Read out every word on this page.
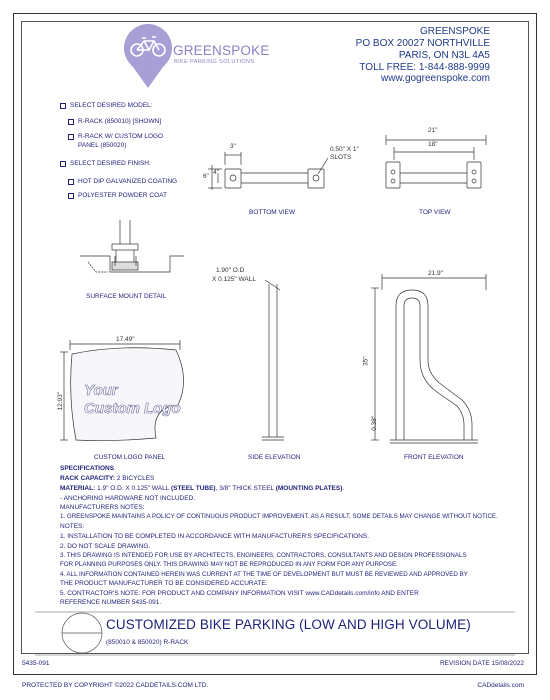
GREENSPOKE
BIKE PARKING SOLUTIONS
GREENSPOKE
PO BOX 20027 NORTHVILLE
PARIS, ON N3L 4A5
TOLL FREE: 1-844-888-9999
www.gogreenspoke.com
SELECT DESIRED MODEL:
R-RACK (850010) [SHOWN]
R-RACK W/ CUSTOM LOGO
PANEL (850020)
SELECT DESIRED FINISH:
HOT DIP GALVANIZED COATING
POLYESTER POWDER COAT
3"
6"
4"
0.50" X 1"
SLOTS
BOTTOM VIEW
21"
18"
TOP VIEW
SURFACE MOUNT DETAIL
1.90" O.D
X 0.125" WALL
SIDE ELEVATION
21.9"
35"
0.38"
FRONT ELEVATION
17.49"
12.93"
Your
Custom Logo
CUSTOM LOGO PANEL
SPECIFICATIONS
RACK CAPACITY: 2 BICYCLES
MATERIAL: 1.9" O.D. X 0.125" WALL (STEEL TUBE), 3/8" THICK STEEL (MOUNTING PLATES).
- ANCHORING HARDWARE NOT INCLUDED.
MANUFACTURERS NOTES:
1. GREENSPOKE MAINTAINS A POLICY OF CONTINUOUS PRODUCT IMPROVEMENT. AS A RESULT, SOME DETAILS MAY CHANGE WITHOUT NOTICE.
NOTES:
1. INSTALLATION TO BE COMPLETED IN ACCORDANCE WITH MANUFACTURER'S SPECIFICATIONS.
2. DO NOT SCALE DRAWING.
3. THIS DRAWING IS INTENDED FOR USE BY ARCHITECTS, ENGINEERS, CONTRACTORS, CONSULTANTS AND DESIGN PROFESSIONALS
FOR PLANNING PURPOSES ONLY. THIS DRAWING MAY NOT BE REPRODUCED IN ANY FORM FOR ANY PURPOSE.
4. ALL INFORMATION CONTAINED HEREIN WAS CURRENT AT THE TIME OF DEVELOPMENT BUT MUST BE REVIEWED AND APPROVED BY
THE PRODUCT MANUFACTURER TO BE CONSIDERED ACCURATE.
5. CONTRACTOR'S NOTE: FOR PRODUCT AND COMPANY INFORMATION VISIT www.CADdetails.com/info AND ENTER
REFERENCE NUMBER 5435-091.
CUSTOMIZED BIKE PARKING (LOW AND HIGH VOLUME)
(850010 & 850020) R-RACK
5435-091	REVISION DATE 15/08/2022
PROTECTED BY COPYRIGHT ©2022 CADDETAILS.COM LTD.	CADdetails.com
